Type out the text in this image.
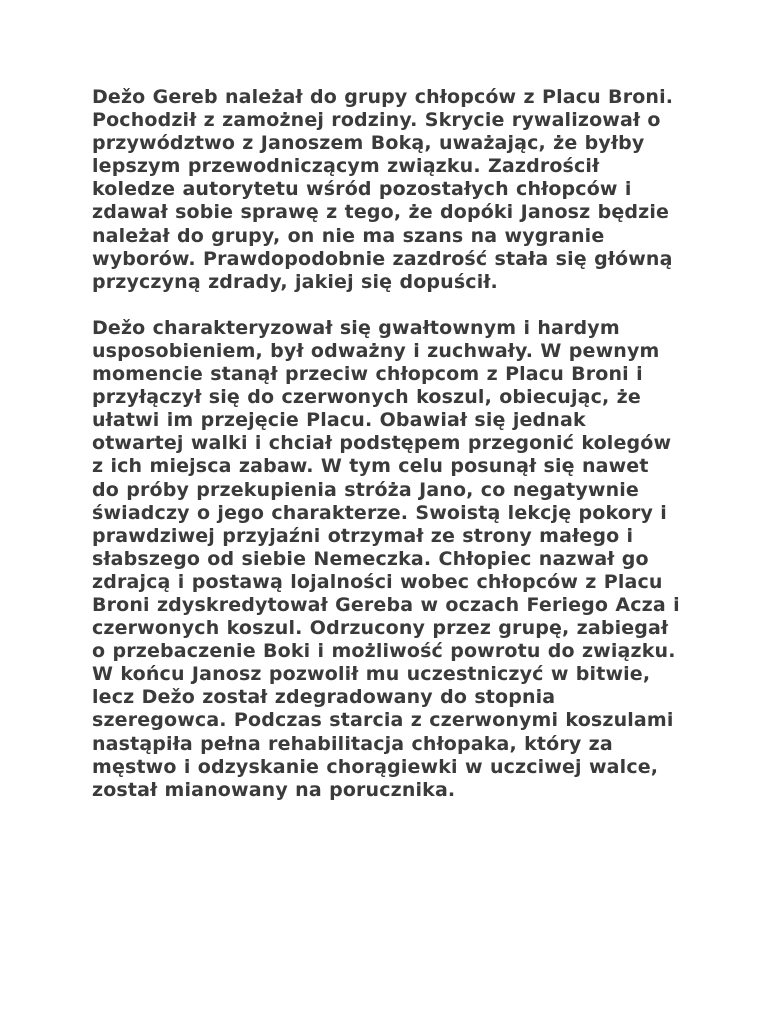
Dežo Gereb należał do grupy chłopców z Placu Broni. Pochodził z zamożnej rodziny. Skrycie rywalizował o przywództwo z Janoszem Boką, uważając, że byłby lepszym przewodniczącym związku. Zazdrościł koledze autorytetu wśród pozostałych chłopców i zdawał sobie sprawę z tego, że dopóki Janosz będzie należał do grupy, on nie ma szans na wygranie wyborów. Prawdopodobnie zazdrość stała się główną przyczyną zdrady, jakiej się dopuścił.

Dežo charakteryzował się gwałtownym i hardym usposobieniem, był odważny i zuchwały. W pewnym momencie stanął przeciw chłopcom z Placu Broni i przyłączył się do czerwonych koszul, obiecując, że ułatwi im przejęcie Placu. Obawiał się jednak otwartej walki i chciał podstępem przegonić kolegów z ich miejsca zabaw. W tym celu posunął się nawet do próby przekupienia stróża Jano, co negatywnie świadczy o jego charakterze. Swoistą lekcję pokory i prawdziwej przyjaźni otrzymał ze strony małego i słabszego od siebie Nemeczka. Chłopiec nazwał go zdrajcą i postawą lojalności wobec chłopców z Placu Broni zdyskredytował Gereba w oczach Feriego Acza i czerwonych koszul. Odrzucony przez grupę, zabiegał o przebaczenie Boki i możliwość powrotu do związku. W końcu Janosz pozwolił mu uczestniczyć w bitwie, lecz Dežo został zdegradowany do stopnia szeregowca. Podczas starcia z czerwonymi koszulami nastąpiła pełna rehabilitacja chłopaka, który za męstwo i odzyskanie chorągiewki w uczciwej walce, został mianowany na porucznika.
